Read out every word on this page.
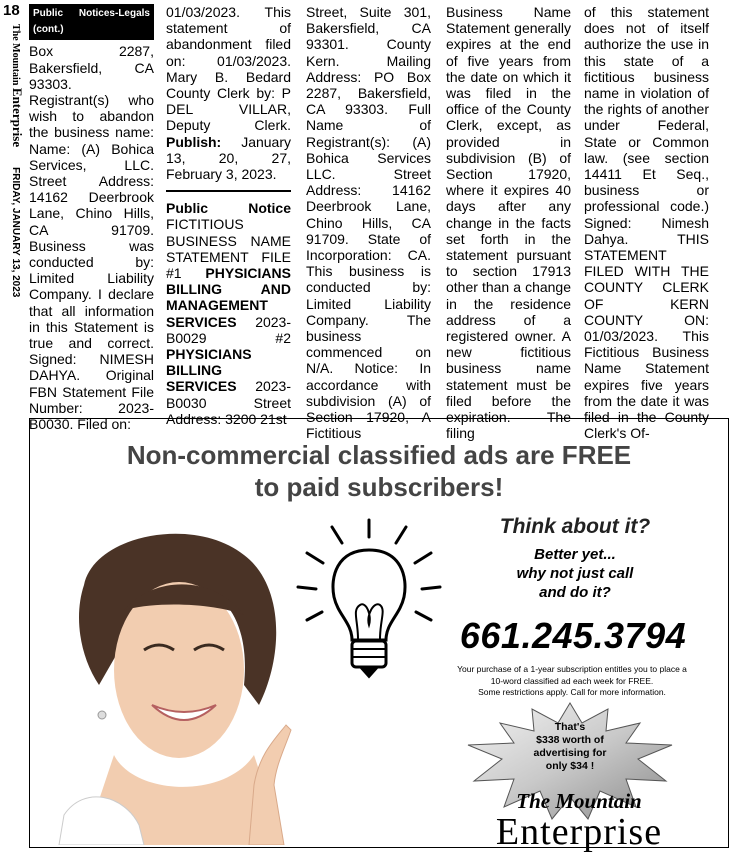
18
The Mountain Enterprise        FRIDAY, JANUARY 13, 2023
Public Notices-Legals (cont.)

Box 2287, Bakersfield, CA 93303. Registrant(s) who wish to abandon the business name: Name: (A) Bohica Services, LLC. Street Address: 14162 Deerbrook Lane, Chino Hills, CA 91709. Business was conducted by: Limited Liability Company. I declare that all information in this Statement is true and correct. Signed: NIMESH DAHYA. Original FBN Statement File Number: 2023-B0030. Filed on:

01/03/2023. This statement of abandonment filed on: 01/03/2023. Mary B. Bedard County Clerk by: P DEL VILLAR, Deputy Clerk. Publish: January 13, 20, 27, February 3, 2023.

Public Notice

FICTITIOUS BUSINESS NAME STATEMENT FILE #1 PHYSICIANS BILLING AND MANAGEMENT SERVICES 2023-B0029 #2 PHYSICIANS BILLING SERVICES 2023-B0030 Street Address: 3200 21st

Street, Suite 301, Bakersfield, CA 93301. County Kern. Mailing Address: PO Box 2287, Bakersfield, CA 93303. Full Name of Registrant(s): (A) Bohica Services LLC. Street Address: 14162 Deerbrook Lane, Chino Hills, CA 91709. State of Incorporation: CA. This business is conducted by: Limited Liability Company. The business commenced on N/A. Notice: In accordance with subdivision (A) of Section 17920, A Fictitious

Business Name Statement generally expires at the end of five years from the date on which it was filed in the office of the County Clerk, except, as provided in subdivision (B) of Section 17920, where it expires 40 days after any change in the facts set forth in the statement pursuant to section 17913 other than a change in the residence address of a registered owner. A new fictitious business name statement must be filed before the expiration. The filing

of this statement does not of itself authorize the use in this state of a fictitious business name in violation of the rights of another under Federal, State or Common law. (see section 14411 Et Seq., business or professional code.) Signed: Nimesh Dahya. THIS STATEMENT FILED WITH THE COUNTY CLERK OF KERN COUNTY ON: 01/03/2023. This Fictitious Business Name Statement expires five years from the date it was filed in the County Clerk's Of-

Non-commercial classified ads are FREE
to paid subscribers!
Think about it?
Better yet...
why not just call
and do it?
661.245.3794
Your purchase of a 1-year subscription entitles you to place a
10-word classified ad each week for FREE.
Some restrictions apply. Call for more information.
That's
$338 worth of
advertising for
only $34 !
The Mountain
Enterprise
